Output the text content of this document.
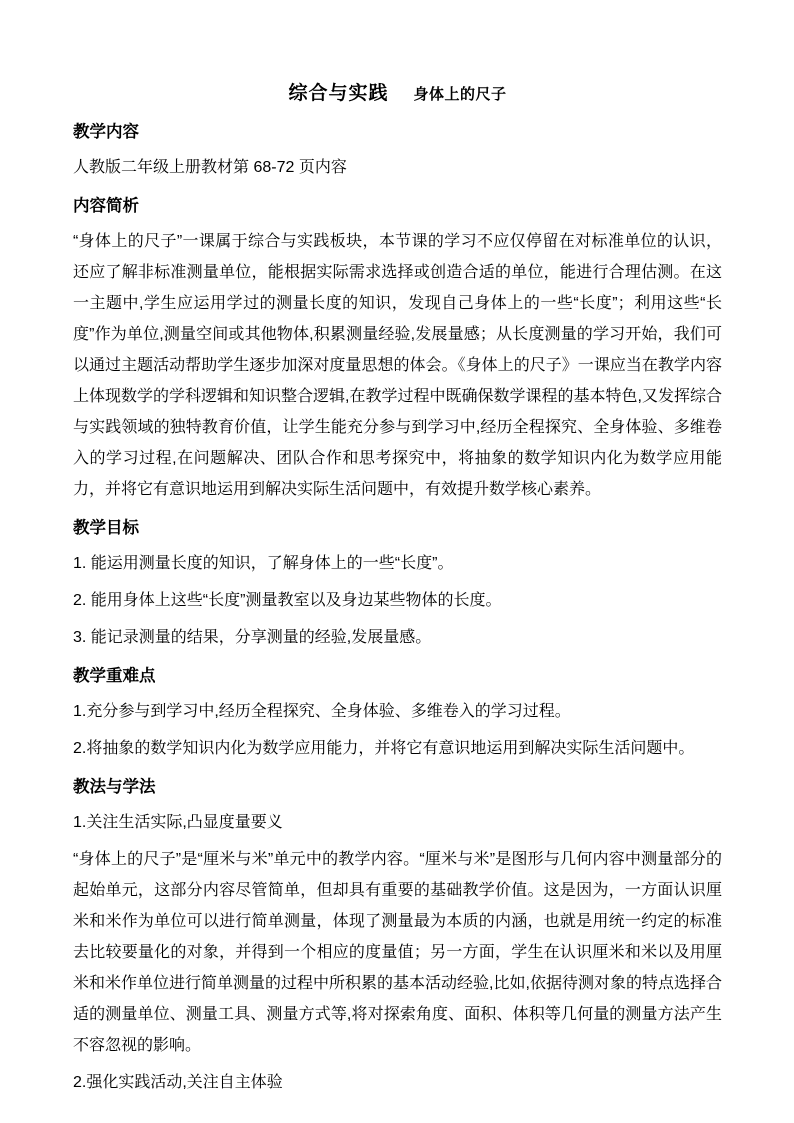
综合与实践 身体上的尺子
教学内容

人教版二年级上册教材第 68-72 页内容

内容简析

“身体上的尺子”一课属于综合与实践板块，本节课的学习不应仅停留在对标准单位的认识，还应了解非标准测量单位，能根据实际需求选择或创造合适的单位，能进行合理估测。在这一主题中,学生应运用学过的测量长度的知识，发现自己身体上的一些“长度”；利用这些“长度”作为单位,测量空间或其他物体,积累测量经验,发展量感；从长度测量的学习开始，我们可以通过主题活动帮助学生逐步加深对度量思想的体会。《身体上的尺子》一课应当在教学内容上体现数学的学科逻辑和知识整合逻辑,在教学过程中既确保数学课程的基本特色,又发挥综合与实践领域的独特教育价值，让学生能充分参与到学习中,经历全程探究、全身体验、多维卷入的学习过程,在问题解决、团队合作和思考探究中，将抽象的数学知识内化为数学应用能力，并将它有意识地运用到解决实际生活问题中，有效提升数学核心素养。

教学目标

1. 能运用测量长度的知识，了解身体上的一些“长度”。

2. 能用身体上这些“长度”测量教室以及身边某些物体的长度。

3. 能记录测量的结果，分享测量的经验,发展量感。

教学重难点

1.充分参与到学习中,经历全程探究、全身体验、多维卷入的学习过程。

2.将抽象的数学知识内化为数学应用能力，并将它有意识地运用到解决实际生活问题中。

教法与学法

1.关注生活实际,凸显度量要义

“身体上的尺子”是“厘米与米”单元中的教学内容。“厘米与米”是图形与几何内容中测量部分的起始单元，这部分内容尽管简单，但却具有重要的基础教学价值。这是因为，一方面认识厘米和米作为单位可以进行简单测量，体现了测量最为本质的内涵，也就是用统一约定的标准去比较要量化的对象，并得到一个相应的度量值；另一方面，学生在认识厘米和米以及用厘米和米作单位进行简单测量的过程中所积累的基本活动经验,比如,依据待测对象的特点选择合适的测量单位、测量工具、测量方式等,将对探索角度、面积、体积等几何量的测量方法产生不容忽视的影响。

2.强化实践活动,关注自主体验
